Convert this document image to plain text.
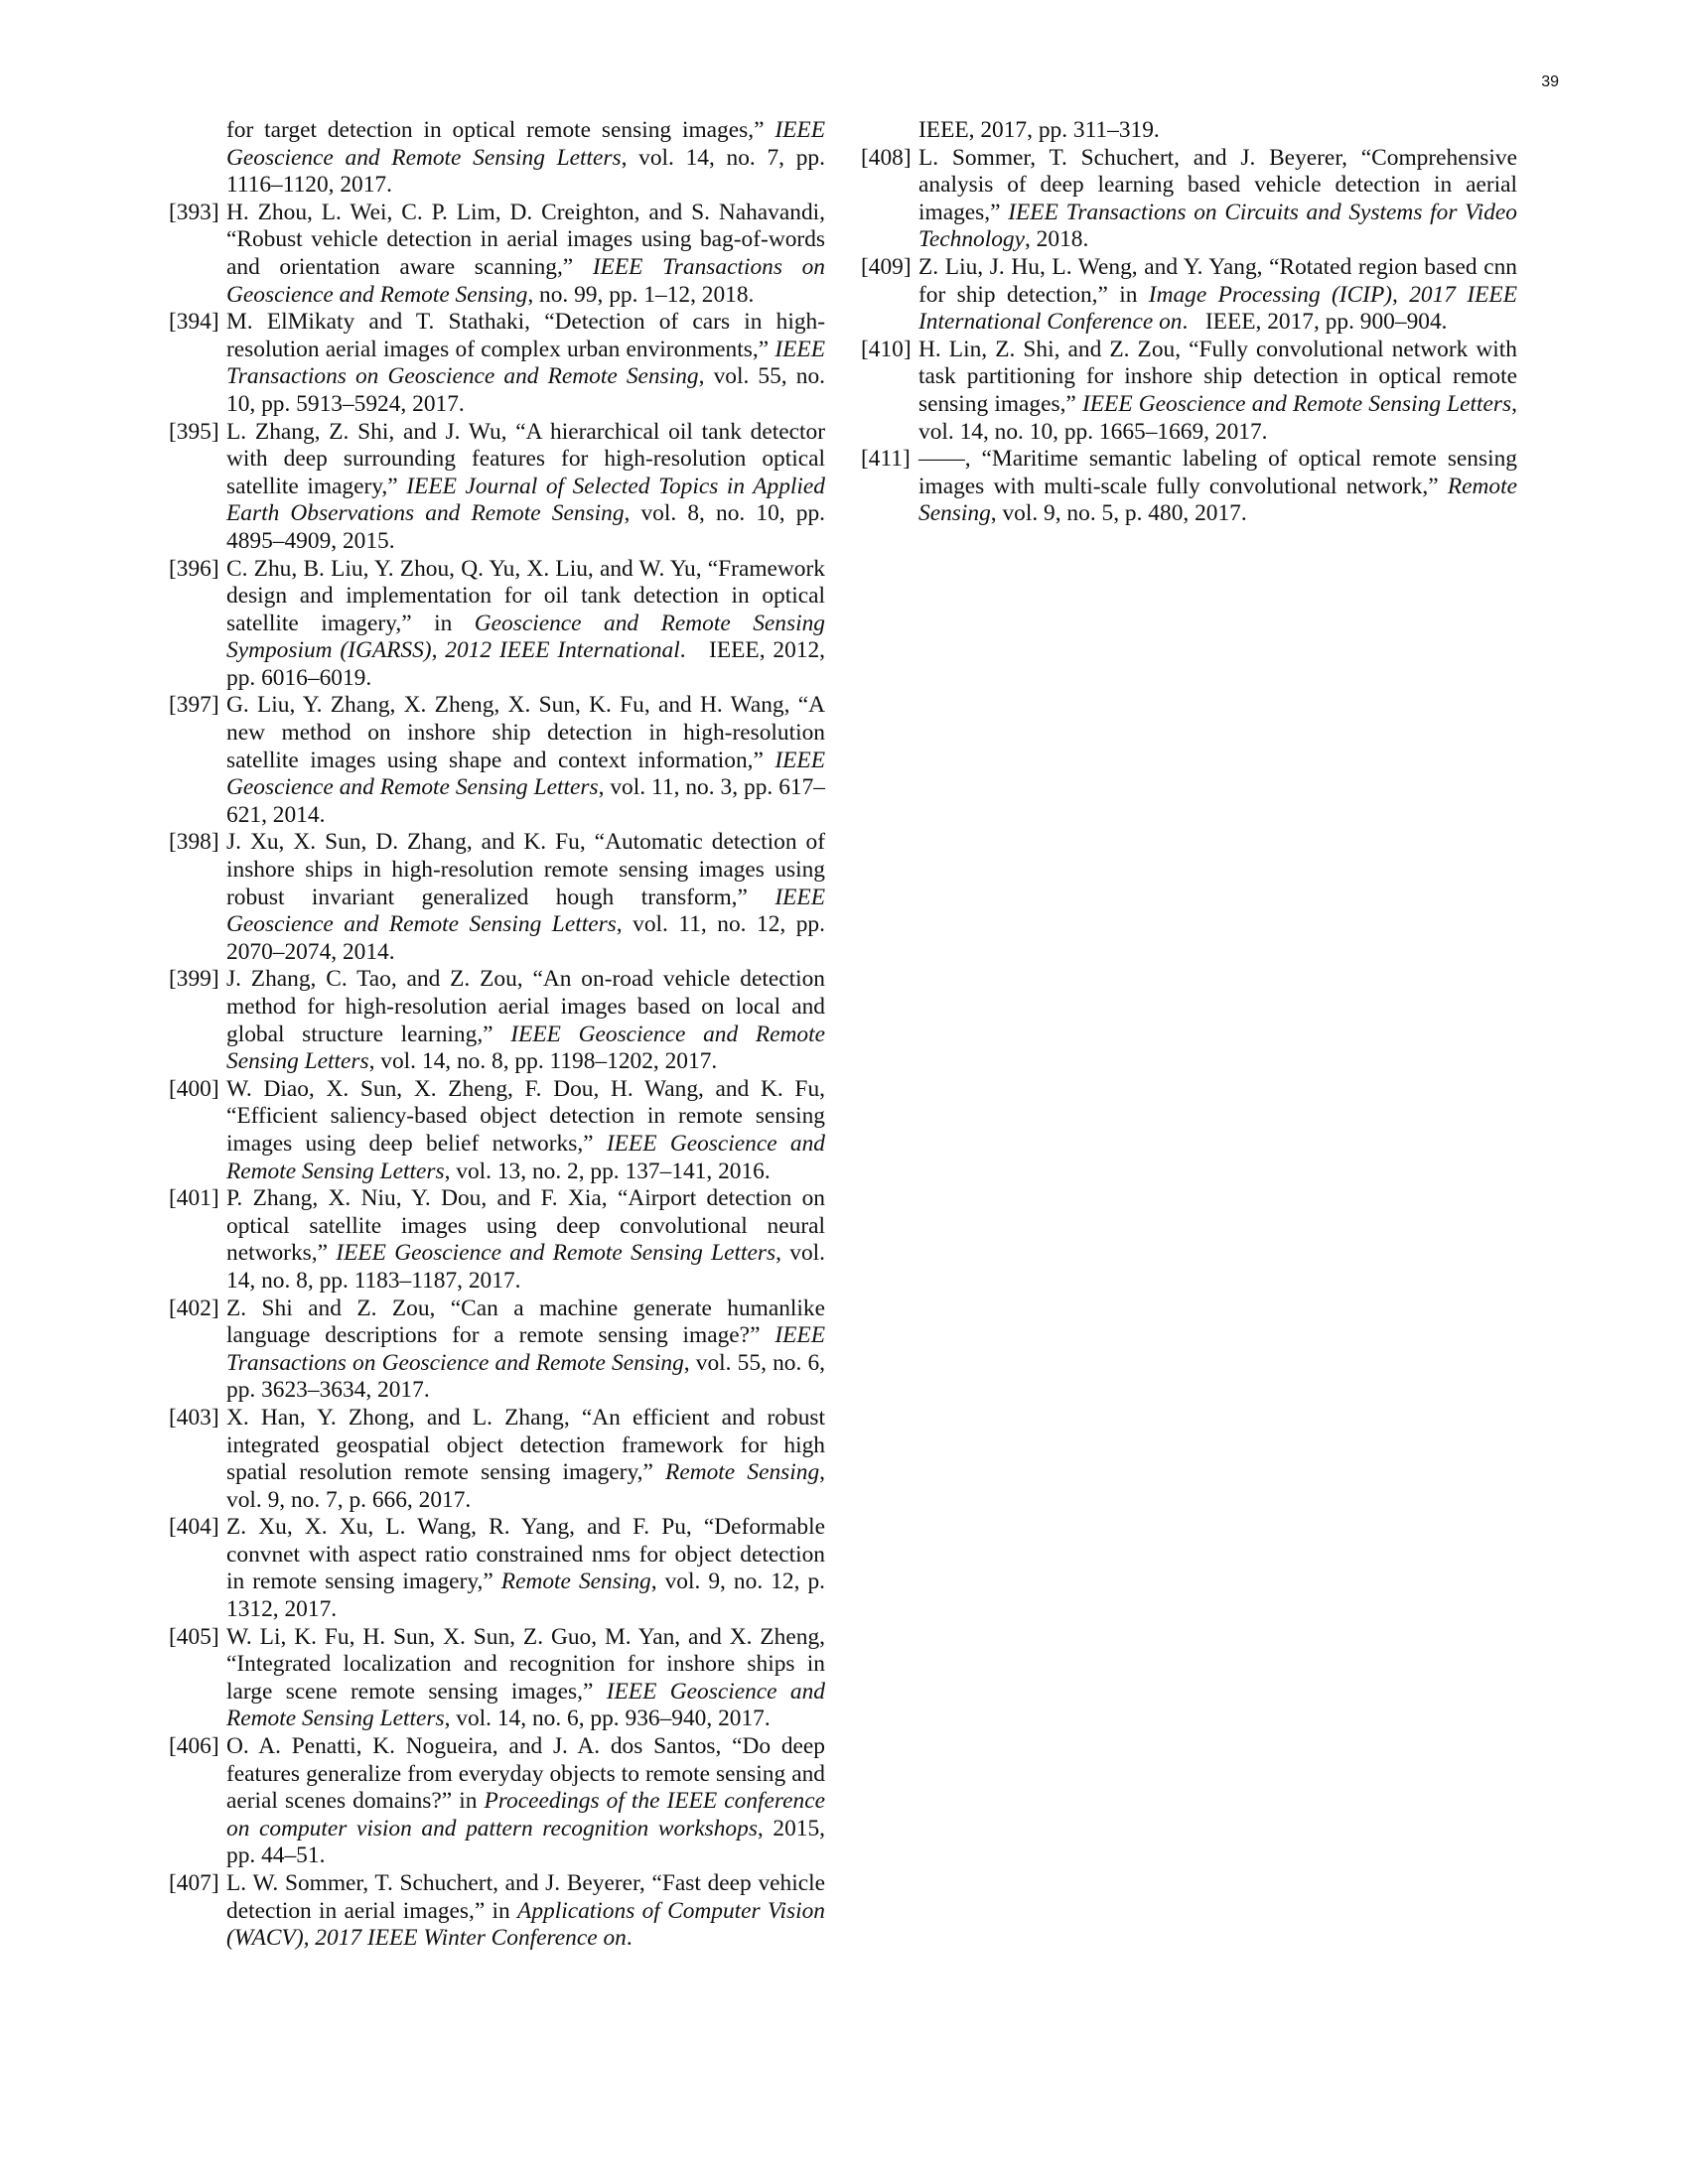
39
for target detection in optical remote sensing images,” IEEE Geoscience and Remote Sensing Letters, vol. 14, no. 7, pp. 1116–1120, 2017.
[393] H. Zhou, L. Wei, C. P. Lim, D. Creighton, and S. Nahavandi, “Robust vehicle detection in aerial images using bag-of-words and orientation aware scanning,” IEEE Transactions on Geoscience and Remote Sensing, no. 99, pp. 1–12, 2018.
[394] M. ElMikaty and T. Stathaki, “Detection of cars in high-resolution aerial images of complex urban environments,” IEEE Transactions on Geoscience and Remote Sensing, vol. 55, no. 10, pp. 5913–5924, 2017.
[395] L. Zhang, Z. Shi, and J. Wu, “A hierarchical oil tank detector with deep surrounding features for high-resolution optical satellite imagery,” IEEE Journal of Selected Topics in Applied Earth Observations and Remote Sensing, vol. 8, no. 10, pp. 4895–4909, 2015.
[396] C. Zhu, B. Liu, Y. Zhou, Q. Yu, X. Liu, and W. Yu, “Framework design and implementation for oil tank detection in optical satellite imagery,” in Geoscience and Remote Sensing Symposium (IGARSS), 2012 IEEE International.   IEEE, 2012, pp. 6016–6019.
[397] G. Liu, Y. Zhang, X. Zheng, X. Sun, K. Fu, and H. Wang, “A new method on inshore ship detection in high-resolution satellite images using shape and context information,” IEEE Geoscience and Remote Sensing Letters, vol. 11, no. 3, pp. 617–621, 2014.
[398] J. Xu, X. Sun, D. Zhang, and K. Fu, “Automatic detection of inshore ships in high-resolution remote sensing images using robust invariant generalized hough transform,” IEEE Geoscience and Remote Sensing Letters, vol. 11, no. 12, pp. 2070–2074, 2014.
[399] J. Zhang, C. Tao, and Z. Zou, “An on-road vehicle detection method for high-resolution aerial images based on local and global structure learning,” IEEE Geoscience and Remote Sensing Letters, vol. 14, no. 8, pp. 1198–1202, 2017.
[400] W. Diao, X. Sun, X. Zheng, F. Dou, H. Wang, and K. Fu, “Efficient saliency-based object detection in remote sensing images using deep belief networks,” IEEE Geoscience and Remote Sensing Letters, vol. 13, no. 2, pp. 137–141, 2016.
[401] P. Zhang, X. Niu, Y. Dou, and F. Xia, “Airport detection on optical satellite images using deep convolutional neural networks,” IEEE Geoscience and Remote Sensing Letters, vol. 14, no. 8, pp. 1183–1187, 2017.
[402] Z. Shi and Z. Zou, “Can a machine generate humanlike language descriptions for a remote sensing image?” IEEE Transactions on Geoscience and Remote Sensing, vol. 55, no. 6, pp. 3623–3634, 2017.
[403] X. Han, Y. Zhong, and L. Zhang, “An efficient and robust integrated geospatial object detection framework for high spatial resolution remote sensing imagery,” Remote Sensing, vol. 9, no. 7, p. 666, 2017.
[404] Z. Xu, X. Xu, L. Wang, R. Yang, and F. Pu, “Deformable convnet with aspect ratio constrained nms for object detection in remote sensing imagery,” Remote Sensing, vol. 9, no. 12, p. 1312, 2017.
[405] W. Li, K. Fu, H. Sun, X. Sun, Z. Guo, M. Yan, and X. Zheng, “Integrated localization and recognition for inshore ships in large scene remote sensing images,” IEEE Geoscience and Remote Sensing Letters, vol. 14, no. 6, pp. 936–940, 2017.
[406] O. A. Penatti, K. Nogueira, and J. A. dos Santos, “Do deep features generalize from everyday objects to remote sensing and aerial scenes domains?” in Proceedings of the IEEE conference on computer vision and pattern recognition workshops, 2015, pp. 44–51.
[407] L. W. Sommer, T. Schuchert, and J. Beyerer, “Fast deep vehicle detection in aerial images,” in Applications of Computer Vision (WACV), 2017 IEEE Winter Conference on.
IEEE, 2017, pp. 311–319.
[408] L. Sommer, T. Schuchert, and J. Beyerer, “Comprehensive analysis of deep learning based vehicle detection in aerial images,” IEEE Transactions on Circuits and Systems for Video Technology, 2018.
[409] Z. Liu, J. Hu, L. Weng, and Y. Yang, “Rotated region based cnn for ship detection,” in Image Processing (ICIP), 2017 IEEE International Conference on.   IEEE, 2017, pp. 900–904.
[410] H. Lin, Z. Shi, and Z. Zou, “Fully convolutional network with task partitioning for inshore ship detection in optical remote sensing images,” IEEE Geoscience and Remote Sensing Letters, vol. 14, no. 10, pp. 1665–1669, 2017.
[411] ——, “Maritime semantic labeling of optical remote sensing images with multi-scale fully convolutional network,” Remote Sensing, vol. 9, no. 5, p. 480, 2017.
